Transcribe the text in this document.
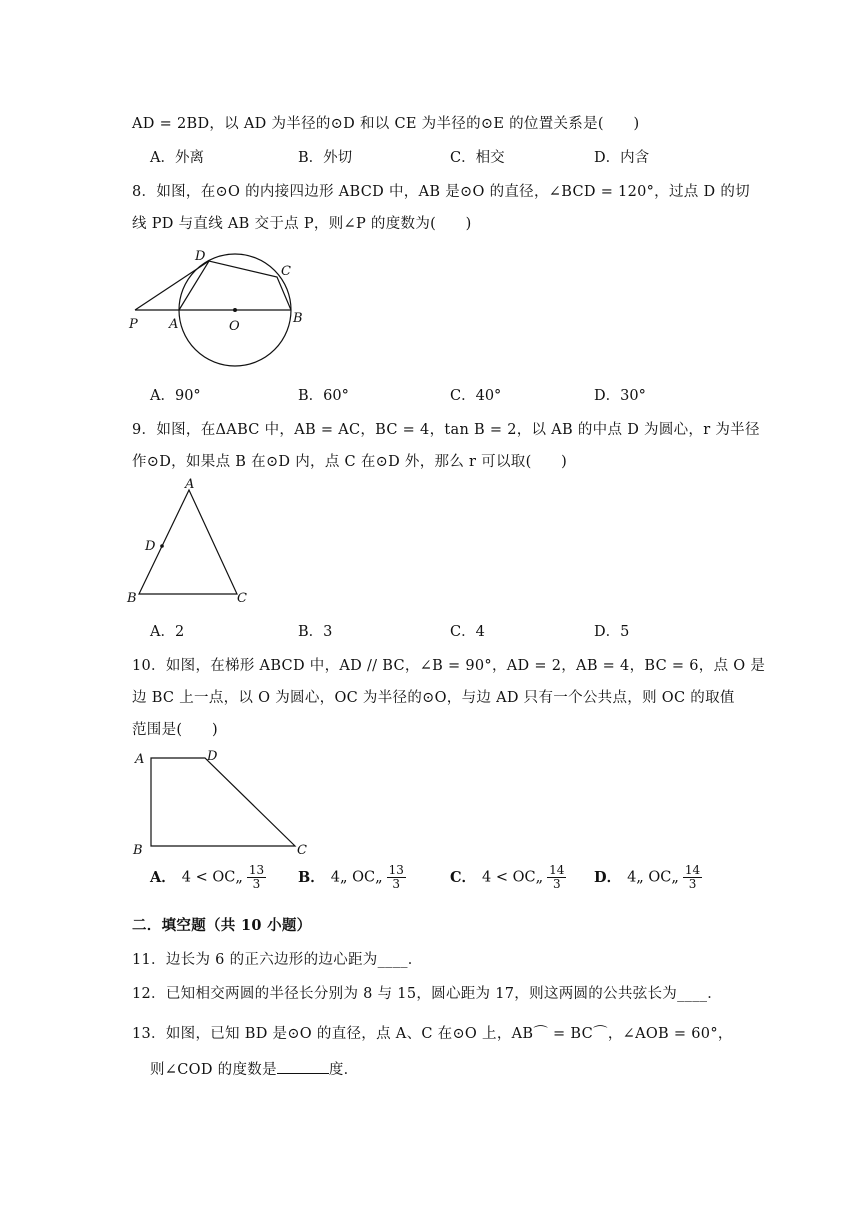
AD = 2BD，以 AD 为半径的⊙D 和以 CE 为半径的⊙E 的位置关系是(　　)
A．外离	B．外切	C．相交	D．内含
8．如图，在⊙O 的内接四边形 ABCD 中，AB 是⊙O 的直径，∠BCD = 120°，过点 D 的切
线 PD 与直线 AB 交于点 P，则∠P 的度数为(　　)
P A	O
B
C
D
A．90°	B．60°	C．40°	D．30°
9．如图，在ΔABC 中，AB = AC，BC = 4，tan B = 2，以 AB 的中点 D 为圆心，r 为半径
作⊙D，如果点 B 在⊙D 内，点 C 在⊙D 外，那么 r 可以取(　　)
A
B	C
D
A．2	B．3	C．4	D．5
10．如图，在梯形 ABCD 中，AD // BC，∠B = 90°，AD = 2，AB = 4，BC = 6，点 O 是
边 BC 上一点，以 O 为圆心，OC 为半径的⊙O，与边 AD 只有一个公共点，则 OC 的取值
范围是(　　)
A	D
B	C
A． 4 < OC„ $\frac{13}{3}$ B． 4„ OC„ $\frac{13}{3}$	C． 4 < OC„ $\frac{14}{3}$ D． 4„ OC„ $\frac{14}{3}$
二．填空题（共 10 小题）
11．边长为 6 的正六边形的边心距为____．
12．已知相交两圆的半径长分别为 8 与 15，圆心距为 17，则这两圆的公共弦长为____．
13．如图，已知 BD 是⊙O 的直径，点 A、C 在⊙O 上，AB⌒ = BC⌒，∠AOB = 60°，
则∠COD 的度数是	度．
